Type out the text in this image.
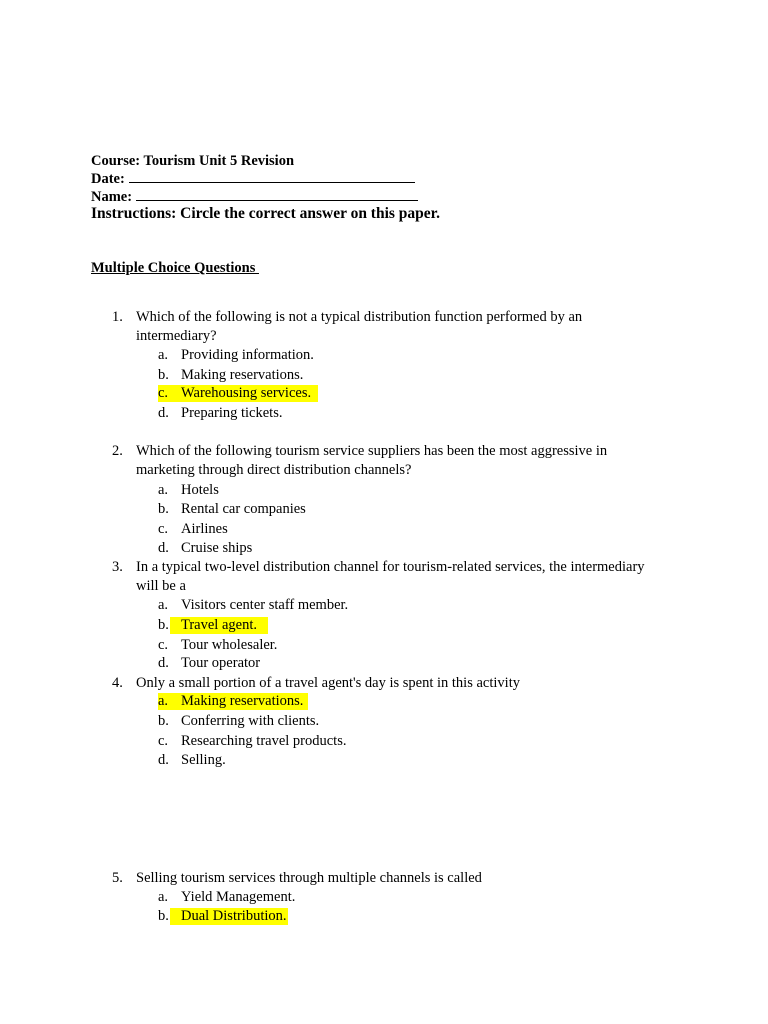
Course: Tourism Unit 5 Revision
Date:
Name:
Instructions: Circle the correct answer on this paper.
Multiple Choice Questions
1. Which of the following is not a typical distribution function performed by an
intermediary?
a. Providing information.
b. Making reservations.
c. Warehousing services.
d. Preparing tickets.
2. Which of the following tourism service suppliers has been the most aggressive in
marketing through direct distribution channels?
a. Hotels
b. Rental car companies
c. Airlines
d. Cruise ships
3. In a typical two-level distribution channel for tourism-related services, the intermediary
will be a
a. Visitors center staff member.
b. Travel agent.
c. Tour wholesaler.
d. Tour operator
4. Only a small portion of a travel agent's day is spent in this activity
a. Making reservations.
b. Conferring with clients.
c. Researching travel products.
d. Selling.
5. Selling tourism services through multiple channels is called
a. Yield Management.
b. Dual Distribution.
